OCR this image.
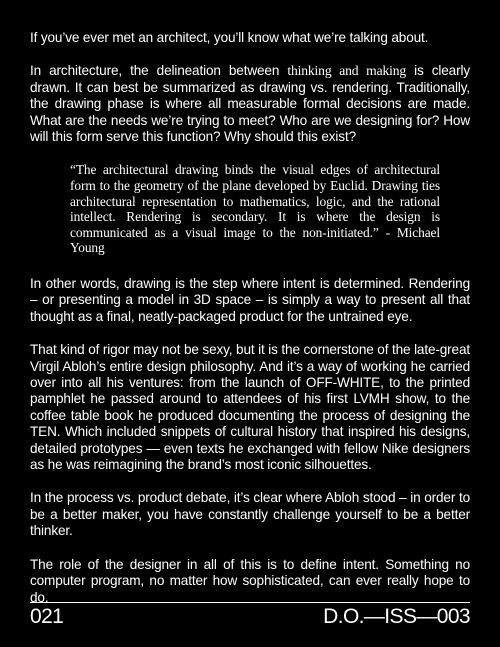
If you’ve ever met an architect, you’ll know what we’re talking about.

In architecture, the delineation between thinking and making is clearly drawn. It can best be summarized as drawing vs. rendering. Traditionally, the drawing phase is where all measurable formal decisions are made. What are the needs we’re trying to meet? Who are we designing for? How will this form serve this function? Why should this exist?

“The architectural drawing binds the visual edges of architectural form to the geometry of the plane developed by Euclid. Drawing ties architectural representation to mathematics, logic, and the rational intellect. Rendering is secondary. It is where the design is communicated as a visual image to the non-initiated.” - Michael Young

In other words, drawing is the step where intent is determined. Rendering – or presenting a model in 3D space – is simply a way to present all that thought as a final, neatly-packaged product for the untrained eye.

That kind of rigor may not be sexy, but it is the cornerstone of the late-great Virgil Abloh’s entire design philosophy. And it’s a way of working he carried over into all his ventures: from the launch of OFF-WHITE, to the printed pamphlet he passed around to attendees of his first LVMH show, to the coffee table book he produced documenting the process of designing the TEN. Which included snippets of cultural history that inspired his designs, detailed prototypes — even texts he exchanged with fellow Nike designers as he was reimagining the brand’s most iconic silhouettes.

In the process vs. product debate, it’s clear where Abloh stood – in order to be a better maker, you have constantly challenge yourself to be a better thinker.

The role of the designer in all of this is to define intent. Something no computer program, no matter how sophisticated, can ever really hope to do.

021	D.O.—ISS—003
